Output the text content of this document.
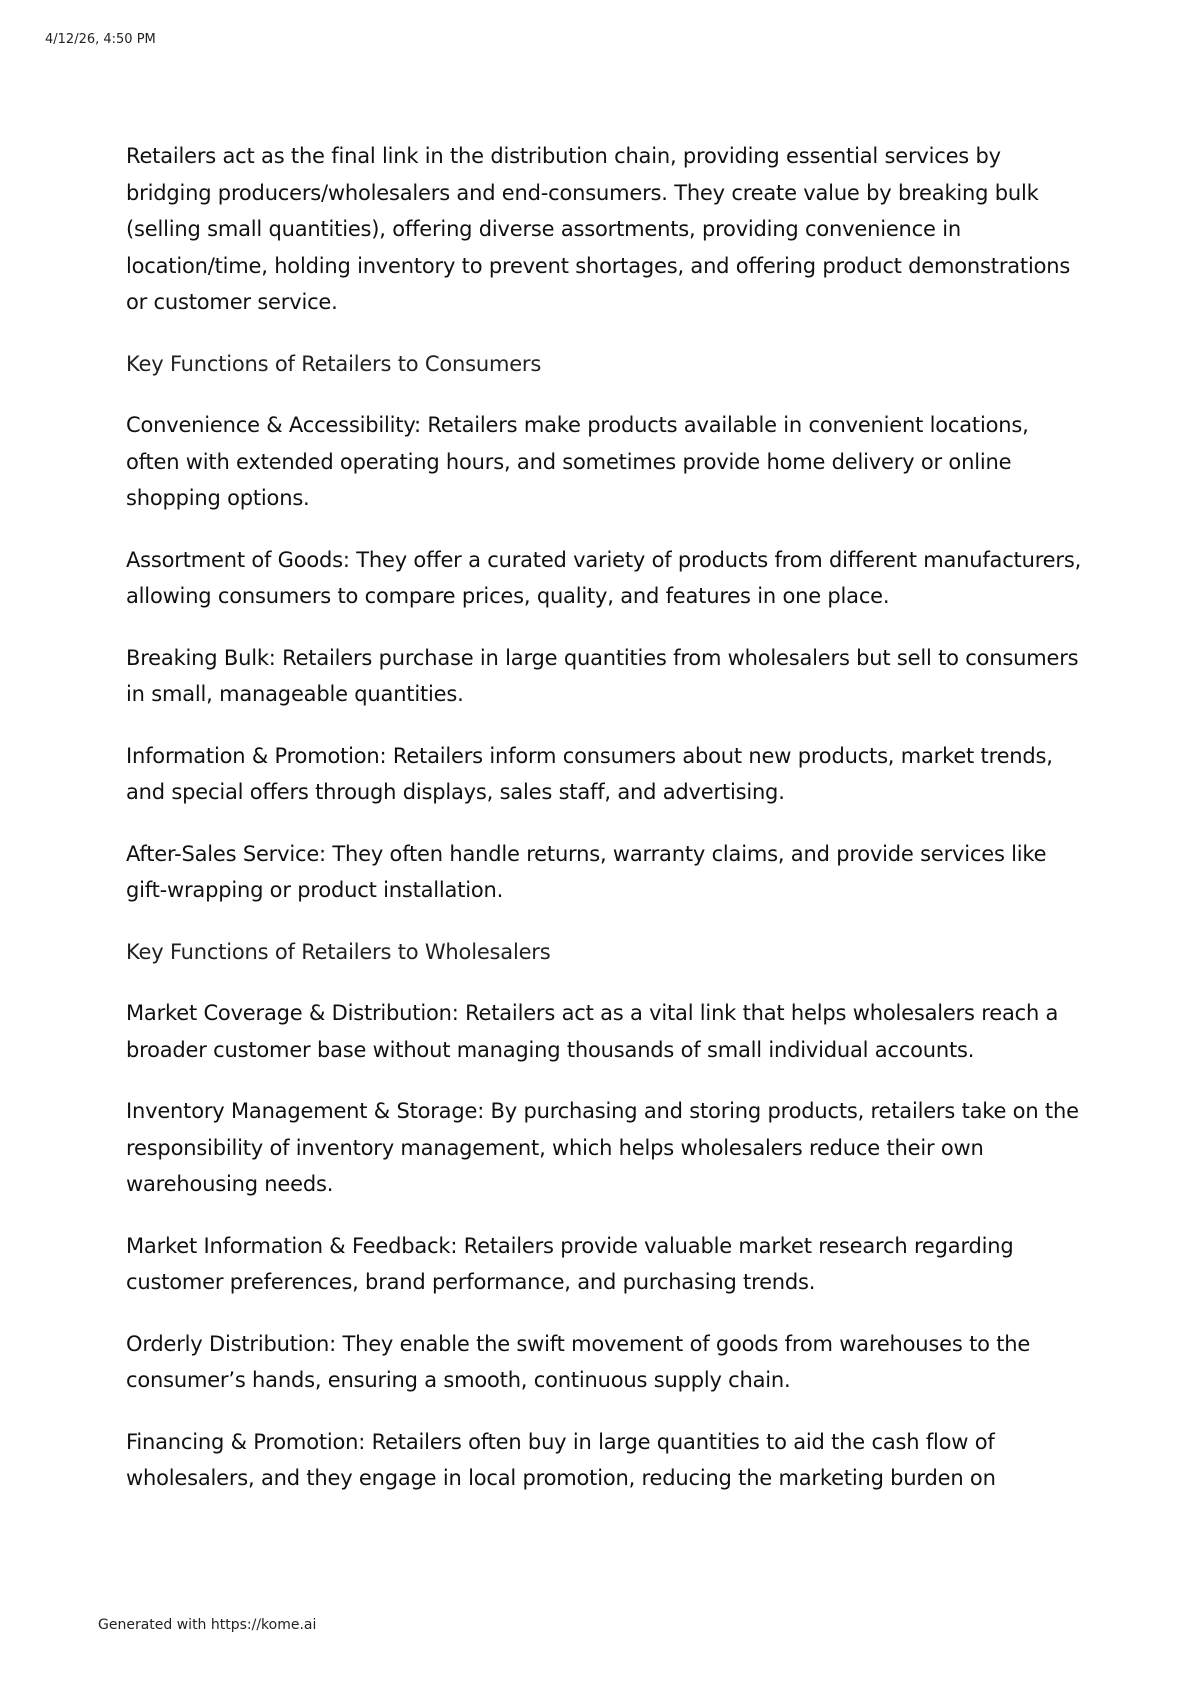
4/12/26, 4:50 PM

Retailers act as the final link in the distribution chain, providing essential services by bridging producers/wholesalers and end-consumers. They create value by breaking bulk (selling small quantities), offering diverse assortments, providing convenience in location/time, holding inventory to prevent shortages, and offering product demonstrations or customer service.

Key Functions of Retailers to Consumers

Convenience & Accessibility: Retailers make products available in convenient locations, often with extended operating hours, and sometimes provide home delivery or online shopping options.

Assortment of Goods: They offer a curated variety of products from different manufacturers, allowing consumers to compare prices, quality, and features in one place.

Breaking Bulk: Retailers purchase in large quantities from wholesalers but sell to consumers in small, manageable quantities.

Information & Promotion: Retailers inform consumers about new products, market trends, and special offers through displays, sales staff, and advertising.

After-Sales Service: They often handle returns, warranty claims, and provide services like gift-wrapping or product installation.

Key Functions of Retailers to Wholesalers

Market Coverage & Distribution: Retailers act as a vital link that helps wholesalers reach a broader customer base without managing thousands of small individual accounts.

Inventory Management & Storage: By purchasing and storing products, retailers take on the responsibility of inventory management, which helps wholesalers reduce their own warehousing needs.

Market Information & Feedback: Retailers provide valuable market research regarding customer preferences, brand performance, and purchasing trends.

Orderly Distribution: They enable the swift movement of goods from warehouses to the consumer’s hands, ensuring a smooth, continuous supply chain.

Financing & Promotion: Retailers often buy in large quantities to aid the cash flow of wholesalers, and they engage in local promotion, reducing the marketing burden on

Generated with https://kome.ai
